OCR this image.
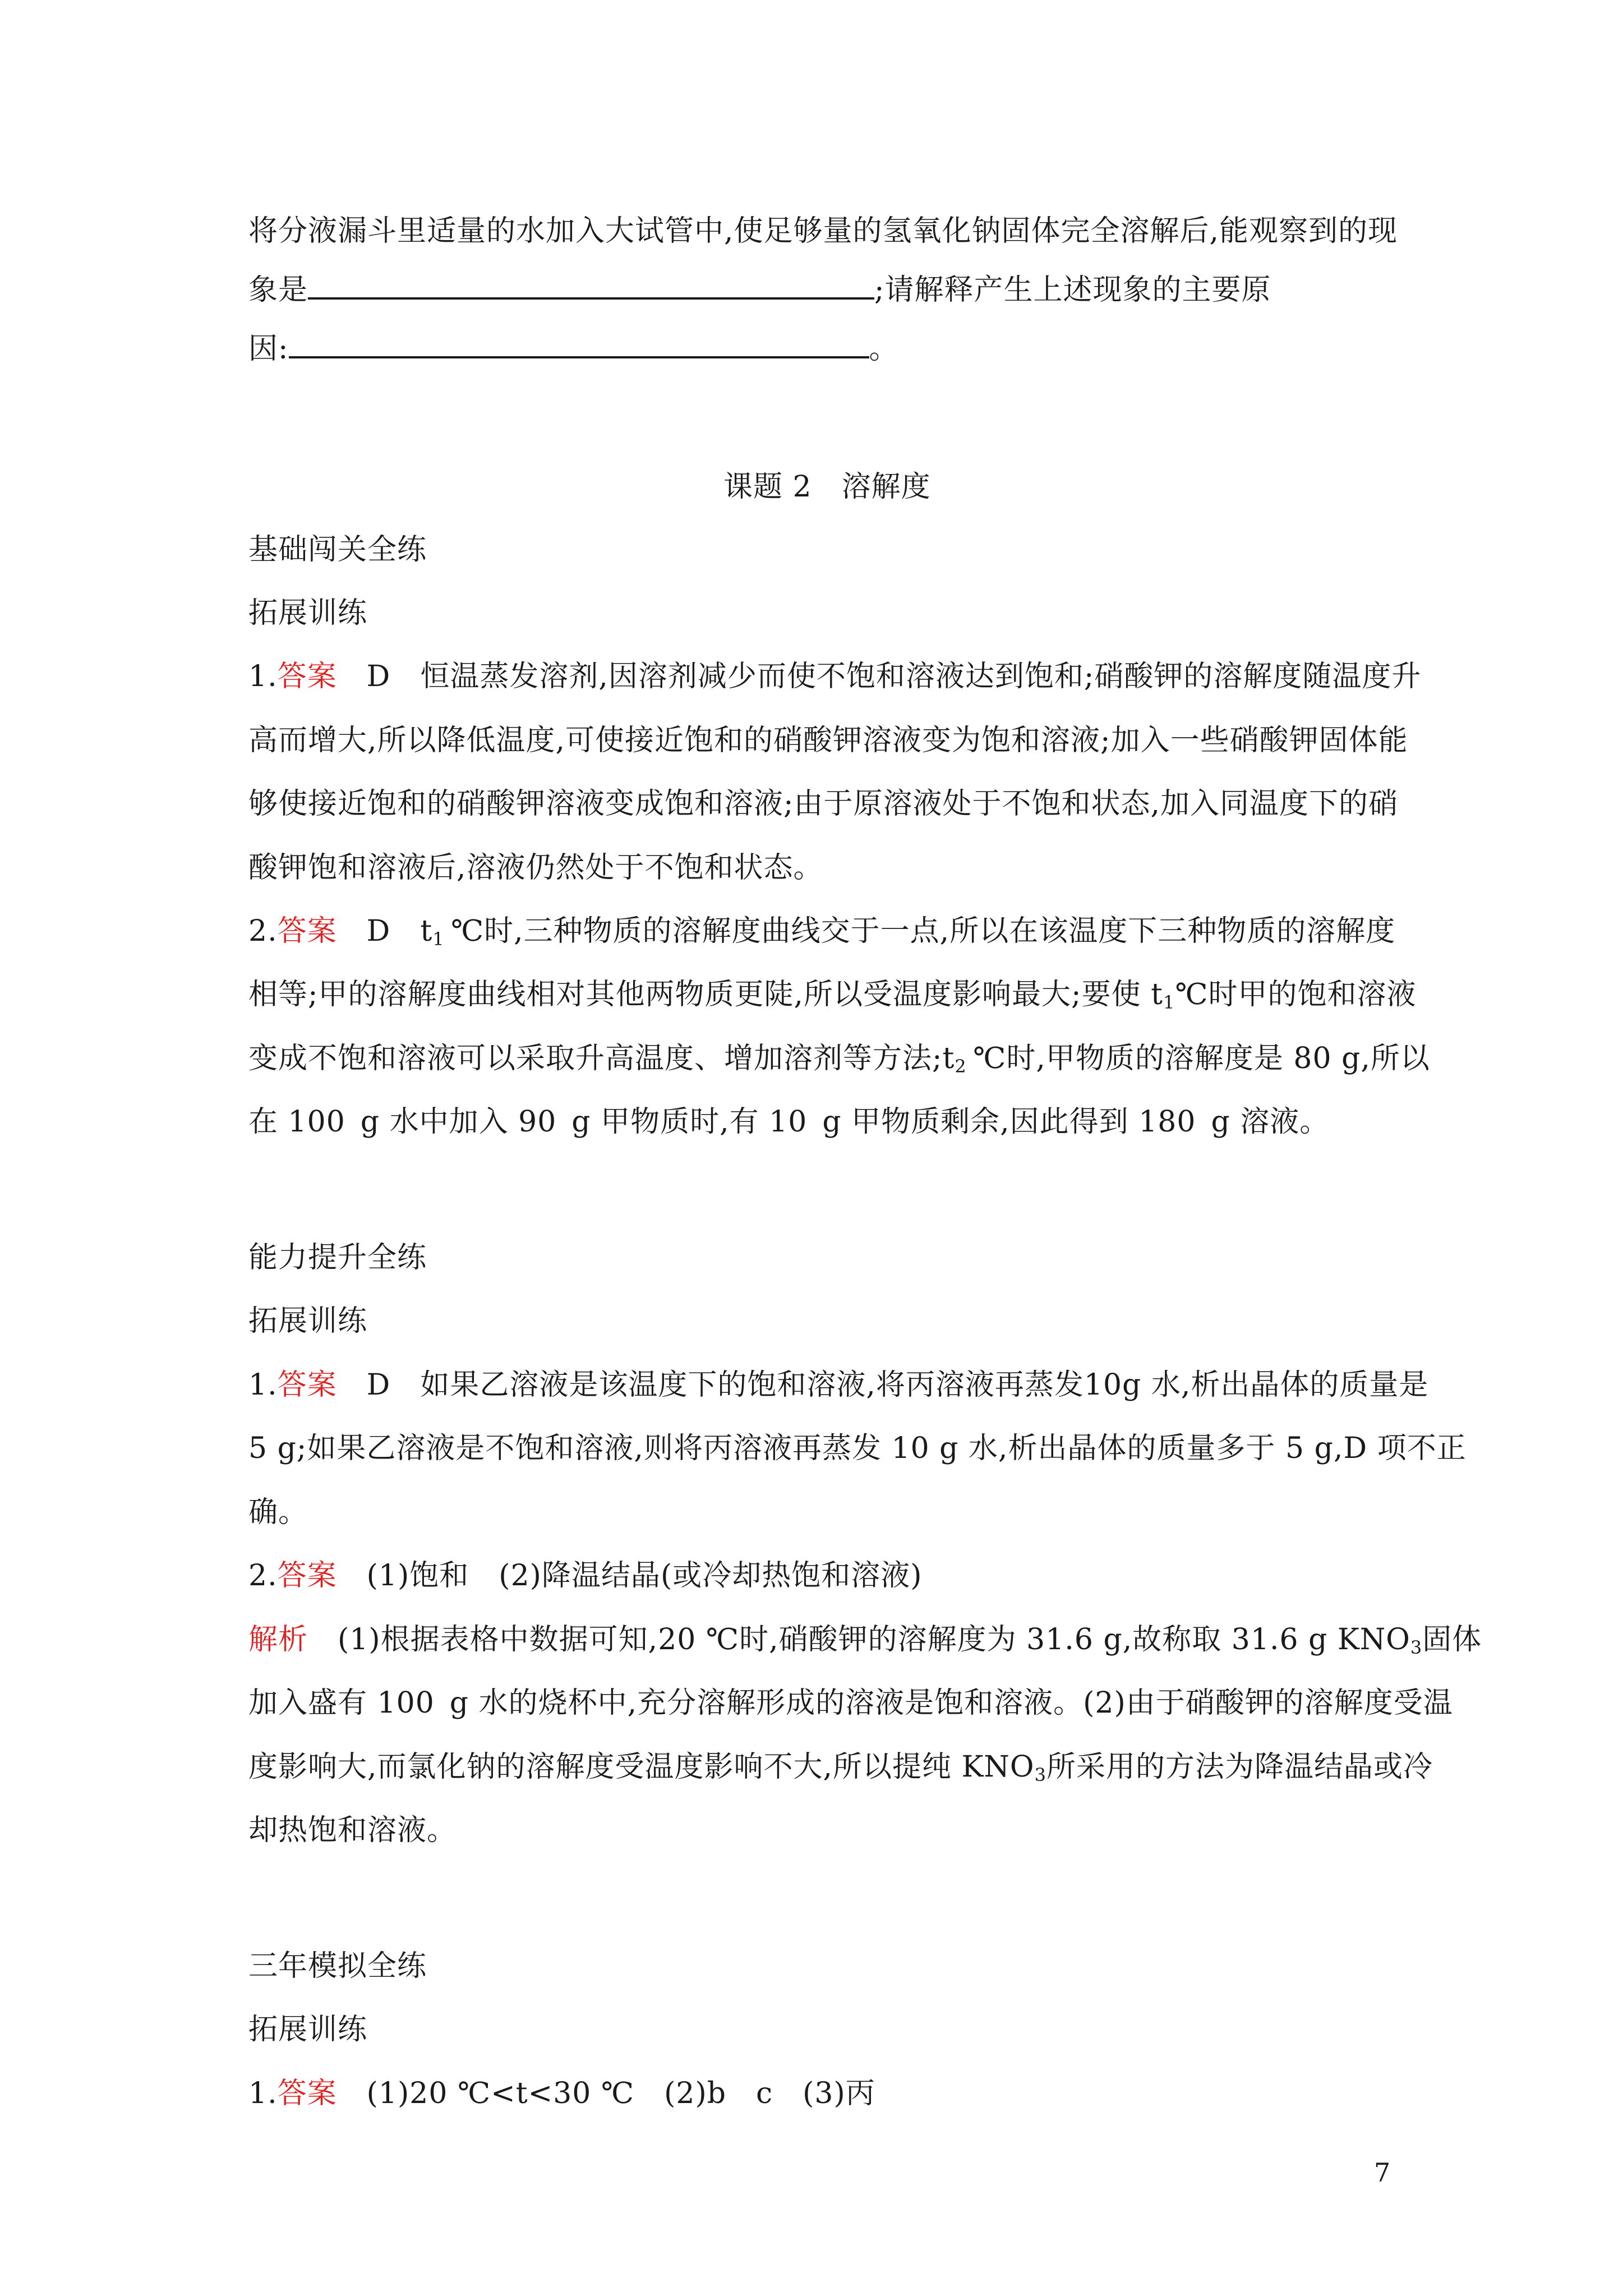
将分液漏斗里适量的水加入大试管中,使足够量的氢氧化钠固体完全溶解后,能观察到的现
象是	;请解释产生上述现象的主要原
因:	。
课题 2　溶解度
基础闯关全练
拓展训练
1.答案 D 恒温蒸发溶剂,因溶剂减少而使不饱和溶液达到饱和;硝酸钾的溶解度随温度升
高而增大,所以降低温度,可使接近饱和的硝酸钾溶液变为饱和溶液;加入一些硝酸钾固体能
够使接近饱和的硝酸钾溶液变成饱和溶液;由于原溶液处于不饱和状态,加入同温度下的硝
酸钾饱和溶液后,溶液仍然处于不饱和状态。
2.答案 D $t_1$ ℃时,三种物质的溶解度曲线交于一点,所以在该温度下三种物质的溶解度
相等;甲的溶解度曲线相对其他两物质更陡,所以受温度影响最大;要使 $t_1℃$时甲的饱和溶液
变成不饱和溶液可以采取升高温度、增加溶剂等方法$;t_2$ ℃时,甲物质的溶解度是 80 g,所以
在 100 g 水中加入 90 g 甲物质时,有 10 g 甲物质剩余,因此得到 180 g 溶液。
能力提升全练
拓展训练
1.答案 D 如果乙溶液是该温度下的饱和溶液,将丙溶液再蒸发10g 水,析出晶体的质量是
5 g;如果乙溶液是不饱和溶液,则将丙溶液再蒸发 10 g 水,析出晶体的质量多于 5 g,D 项不正
确。
2.答案 (1)饱和 (2)降温结晶(或冷却热饱和溶液)
解析 (1)根据表格中数据可知,20 ℃时,硝酸钾的溶解度为 31.6 g,故称取 31.6 g $KNO_3$固体
加入盛有 100 g 水的烧杯中,充分溶解形成的溶液是饱和溶液。(2)由于硝酸钾的溶解度受温
度影响大,而氯化钠的溶解度受温度影响不大,所以提纯 $KNO_3$所采用的方法为降温结晶或冷
却热饱和溶液。
三年模拟全练
拓展训练
1.答案 (1)20 ℃<t<30 ℃ (2)b c (3)丙
7
